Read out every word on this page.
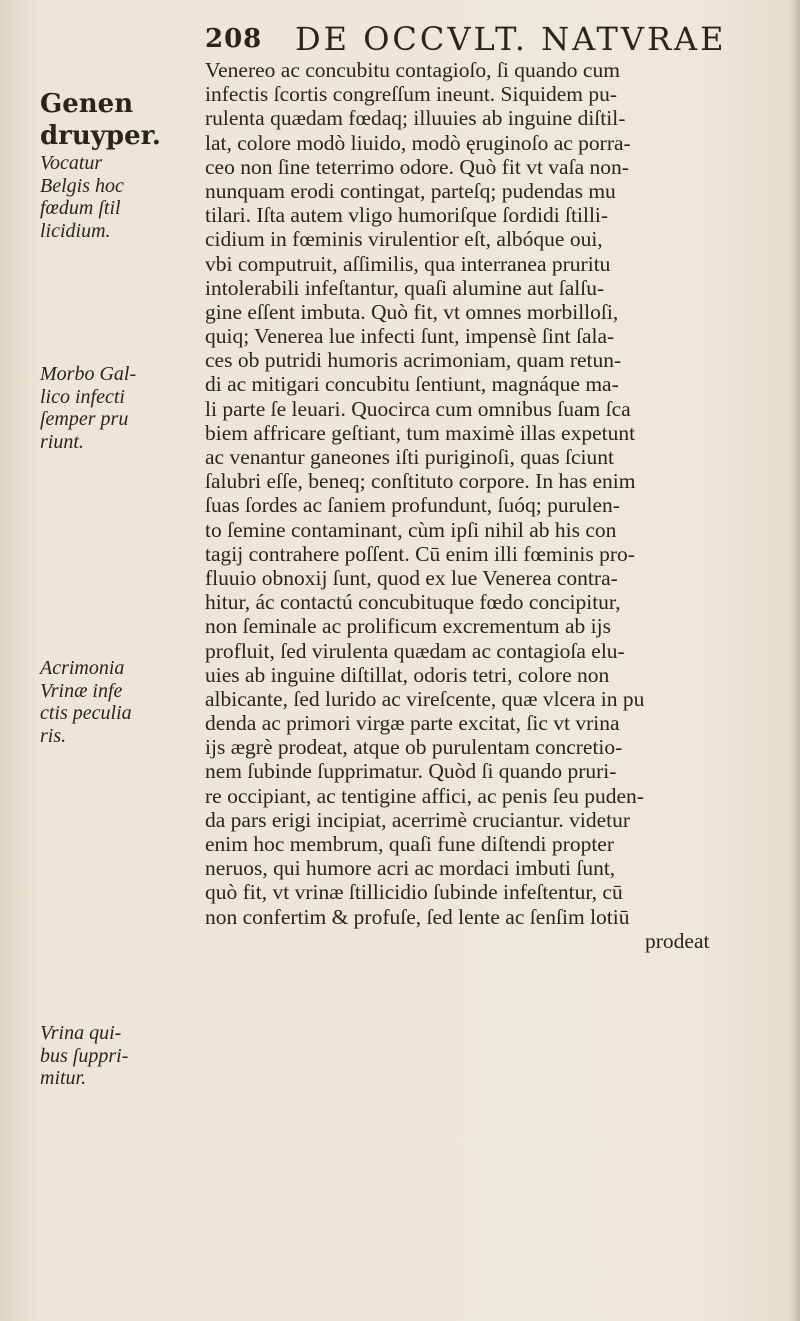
208 DE OCCVLT. NATVRAE
Genen
druyper.
Vocatur
Belgis hoc
fœdum ſtil
licidium.
Morbo Gal-
lico infecti
ſemper pru
riunt.
Acrimonia
Vrinæ infe
ctis peculia
ris.
Vrina qui-
bus ſuppri-
mitur.
Venereo ac concubitu contagioſo, ſi quando cum
infectis ſcortis congreſſum ineunt. Siquidem pu-
rulenta quædam fœdaq; illuuies ab inguine diſtil-
lat, colore modò liuido, modò ęruginoſo ac porra-
ceo non ſine teterrimo odore. Quò fit vt vaſa non-
nunquam erodi contingat, parteſq; pudendas mu
tilari. Iſta autem vligo humoriſque ſordidi ſtilli-
cidium in fœminis virulentior eſt, albóque oui,
vbi computruit, aſſimilis, qua interranea pruritu
intolerabili infeſtantur, quaſi alumine aut ſalſu-
gine eſſent imbuta. Quò fit, vt omnes morbilloſi,
quiq; Venerea lue infecti ſunt, impensè ſint ſala-
ces ob putridi humoris acrimoniam, quam retun-
di ac mitigari concubitu ſentiunt, magnáque ma-
li parte ſe leuari. Quocirca cum omnibus ſuam ſca
biem affricare geſtiant, tum maximè illas expetunt
ac venantur ganeones iſti puriginoſi, quas ſciunt
ſalubri eſſe, beneq; conſtituto corpore. In has enim
ſuas ſordes ac ſaniem profundunt, ſuóq; purulen-
to ſemine contaminant, cùm ipſi nihil ab his con
tagij contrahere poſſent. Cū enim illi fœminis pro-
fluuio obnoxij ſunt, quod ex lue Venerea contra-
hitur, ác contactú concubituque fœdo concipitur,
non ſeminale ac prolificum excrementum ab ijs
profluit, ſed virulenta quædam ac contagioſa elu-
uies ab inguine diſtillat, odoris tetri, colore non
albicante, ſed lurido ac vireſcente, quæ vlcera in pu
denda ac primori virgæ parte excitat, ſic vt vrina
ijs ægrè prodeat, atque ob purulentam concretio-
nem ſubinde ſupprimatur. Quòd ſi quando pruri-
re occipiant, ac tentigine affici, ac penis ſeu puden-
da pars erigi incipiat, acerrimè cruciantur. videtur
enim hoc membrum, quaſi fune diſtendi propter
neruos, qui humore acri ac mordaci imbuti ſunt,
quò fit, vt vrinæ ſtillicidio ſubinde infeſtentur, cū
non confertim & profuſe, ſed lente ac ſenſim lotiū
prodeat
